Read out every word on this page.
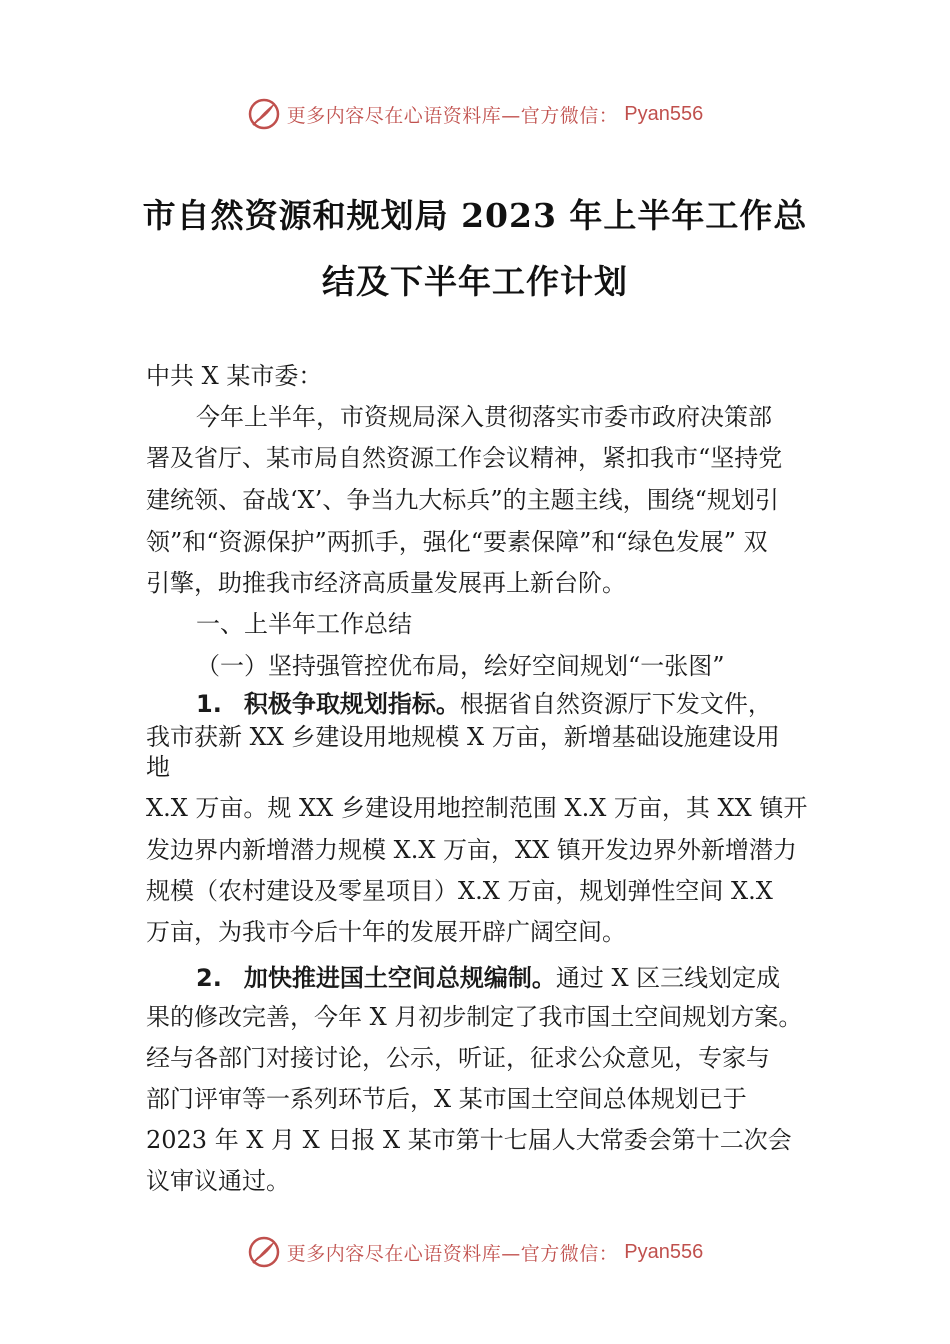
更多内容尽在心语资料库—官方微信： Pyan556
市自然资源和规划局 2023 年上半年工作总
结及下半年工作计划
中共 X 某市委：
今年上半年，市资规局深入贯彻落实市委市政府决策部
署及省厅、某市局自然资源工作会议精神，紧扣我市“坚持党
建统领、奋战‘X’、争当九大标兵”的主题主线，围绕“规划引
领”和“资源保护”两抓手，强化“要素保障”和“绿色发展” 双
引擎，助推我市经济高质量发展再上新台阶。
一、上半年工作总结
（一）坚持强管控优布局，绘好空间规划“一张图”
1. 积极争取规划指标。根据省自然资源厅下发文件，
我市获新 XX 乡建设用地规模 X 万亩，新增基础设施建设用
地
X.X 万亩。规 XX 乡建设用地控制范围 X.X 万亩，其 XX 镇开
发边界内新增潜力规模 X.X 万亩，XX 镇开发边界外新增潜力
规模（农村建设及零星项目）X.X 万亩，规划弹性空间 X.X
万亩，为我市今后十年的发展开辟广阔空间。
2. 加快推进国土空间总规编制。通过 X 区三线划定成
果的修改完善，今年 X 月初步制定了我市国土空间规划方案。
经与各部门对接讨论，公示，听证，征求公众意见，专家与
部门评审等一系列环节后，X 某市国土空间总体规划已于
2023 年 X 月 X 日报 X 某市第十七届人大常委会第十二次会
议审议通过。
更多内容尽在心语资料库—官方微信： Pyan556
